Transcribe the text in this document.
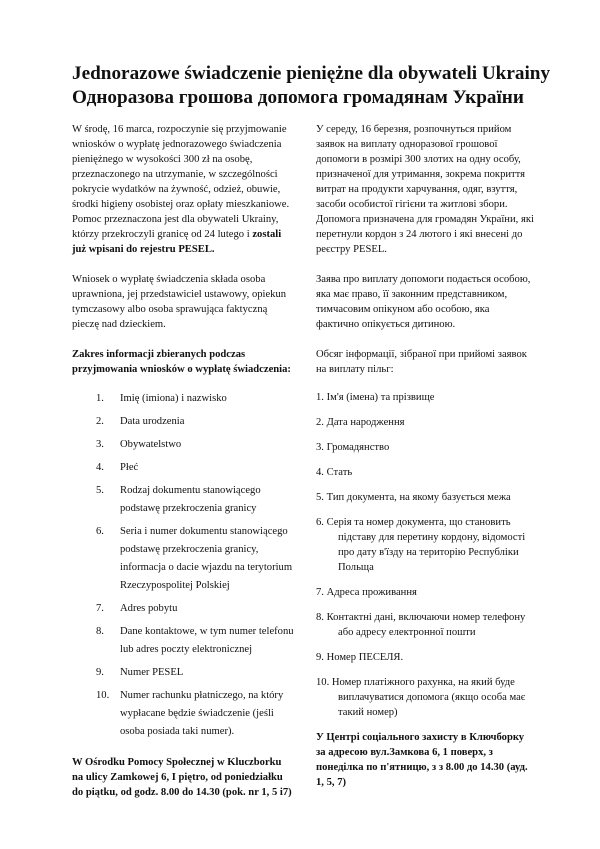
Jednorazowe świadczenie pieniężne dla obywateli Ukrainy
Одноразова грошова допомога громадянам України

W środę, 16 marca, rozpoczynie się przyjmowanie wniosków o wypłatę jednorazowego świadczenia pieniężnego w wysokości 300 zł na osobę, przeznaczonego na utrzymanie, w szczególności pokrycie wydatków na żywność, odzież, obuwie, środki higieny osobistej oraz opłaty mieszkaniowe. Pomoc przeznaczona jest dla obywateli Ukrainy, którzy przekroczyli granicę od 24 lutego i zostali już wpisani do rejestru PESEL.

Wniosek o wypłatę świadczenia składa osoba uprawniona, jej przedstawiciel ustawowy, opiekun tymczasowy albo osoba sprawująca faktyczną pieczę nad dzieckiem.

Zakres informacji zbieranych podczas przyjmowania wniosków o wypłatę świadczenia:

1. Imię (imiona) i nazwisko
2. Data urodzenia
3. Obywatelstwo
4. Płeć
5. Rodzaj dokumentu stanowiącego podstawę przekroczenia granicy
6. Seria i numer dokumentu stanowiącego podstawę przekroczenia granicy, informacja o dacie wjazdu na terytorium Rzeczypospolitej Polskiej
7. Adres pobytu
8. Dane kontaktowe, w tym numer telefonu lub adres poczty elektronicznej
9. Numer PESEL
10. Numer rachunku płatniczego, na który wypłacane będzie świadczenie (jeśli osoba posiada taki numer).

W Ośrodku Pomocy Społecznej w Kluczborku na ulicy Zamkowej 6, I piętro, od poniedziałku do piątku, od godz. 8.00 do 14.30 (pok. nr 1, 5 i7)

У середу, 16 березня, розпочнуться прийом заявок на виплату одноразової грошової допомоги в розмірі 300 злотих на одну особу, призначеної для утримання, зокрема покриття витрат на продукти харчування, одяг, взуття, засоби особистої гігієни та житлові збори. Допомога призначена для громадян України, які перетнули кордон з 24 лютого і які внесені до реєстру PESEL.

Заява про виплату допомоги подається особою, яка має право, її законним представником, тимчасовим опікуном або особою, яка фактично опікується дитиною.

Обсяг інформації, зібраної при прийомі заявок на виплату пільг:

1. Ім'я (імена) та прізвище
2. Дата народження
3. Громадянство
4. Стать
5. Тип документа, на якому базується межа
6. Серія та номер документа, що становить підставу для перетину кордону, відомості про дату в'їзду на територію Республіки Польща
7. Адреса проживання
8. Контактні дані, включаючи номер телефону або адресу електронної пошти
9. Номер ПЕСЕЛЯ.
10. Номер платіжного рахунка, на який буде виплачуватися допомога (якщо особа має такий номер)

У Центрі соціального захисту в Ключборку за адресою вул.Замкова 6, 1 поверх, з понеділка по п'ятницю, з з 8.00 до 14.30 (ауд. 1, 5, 7)
